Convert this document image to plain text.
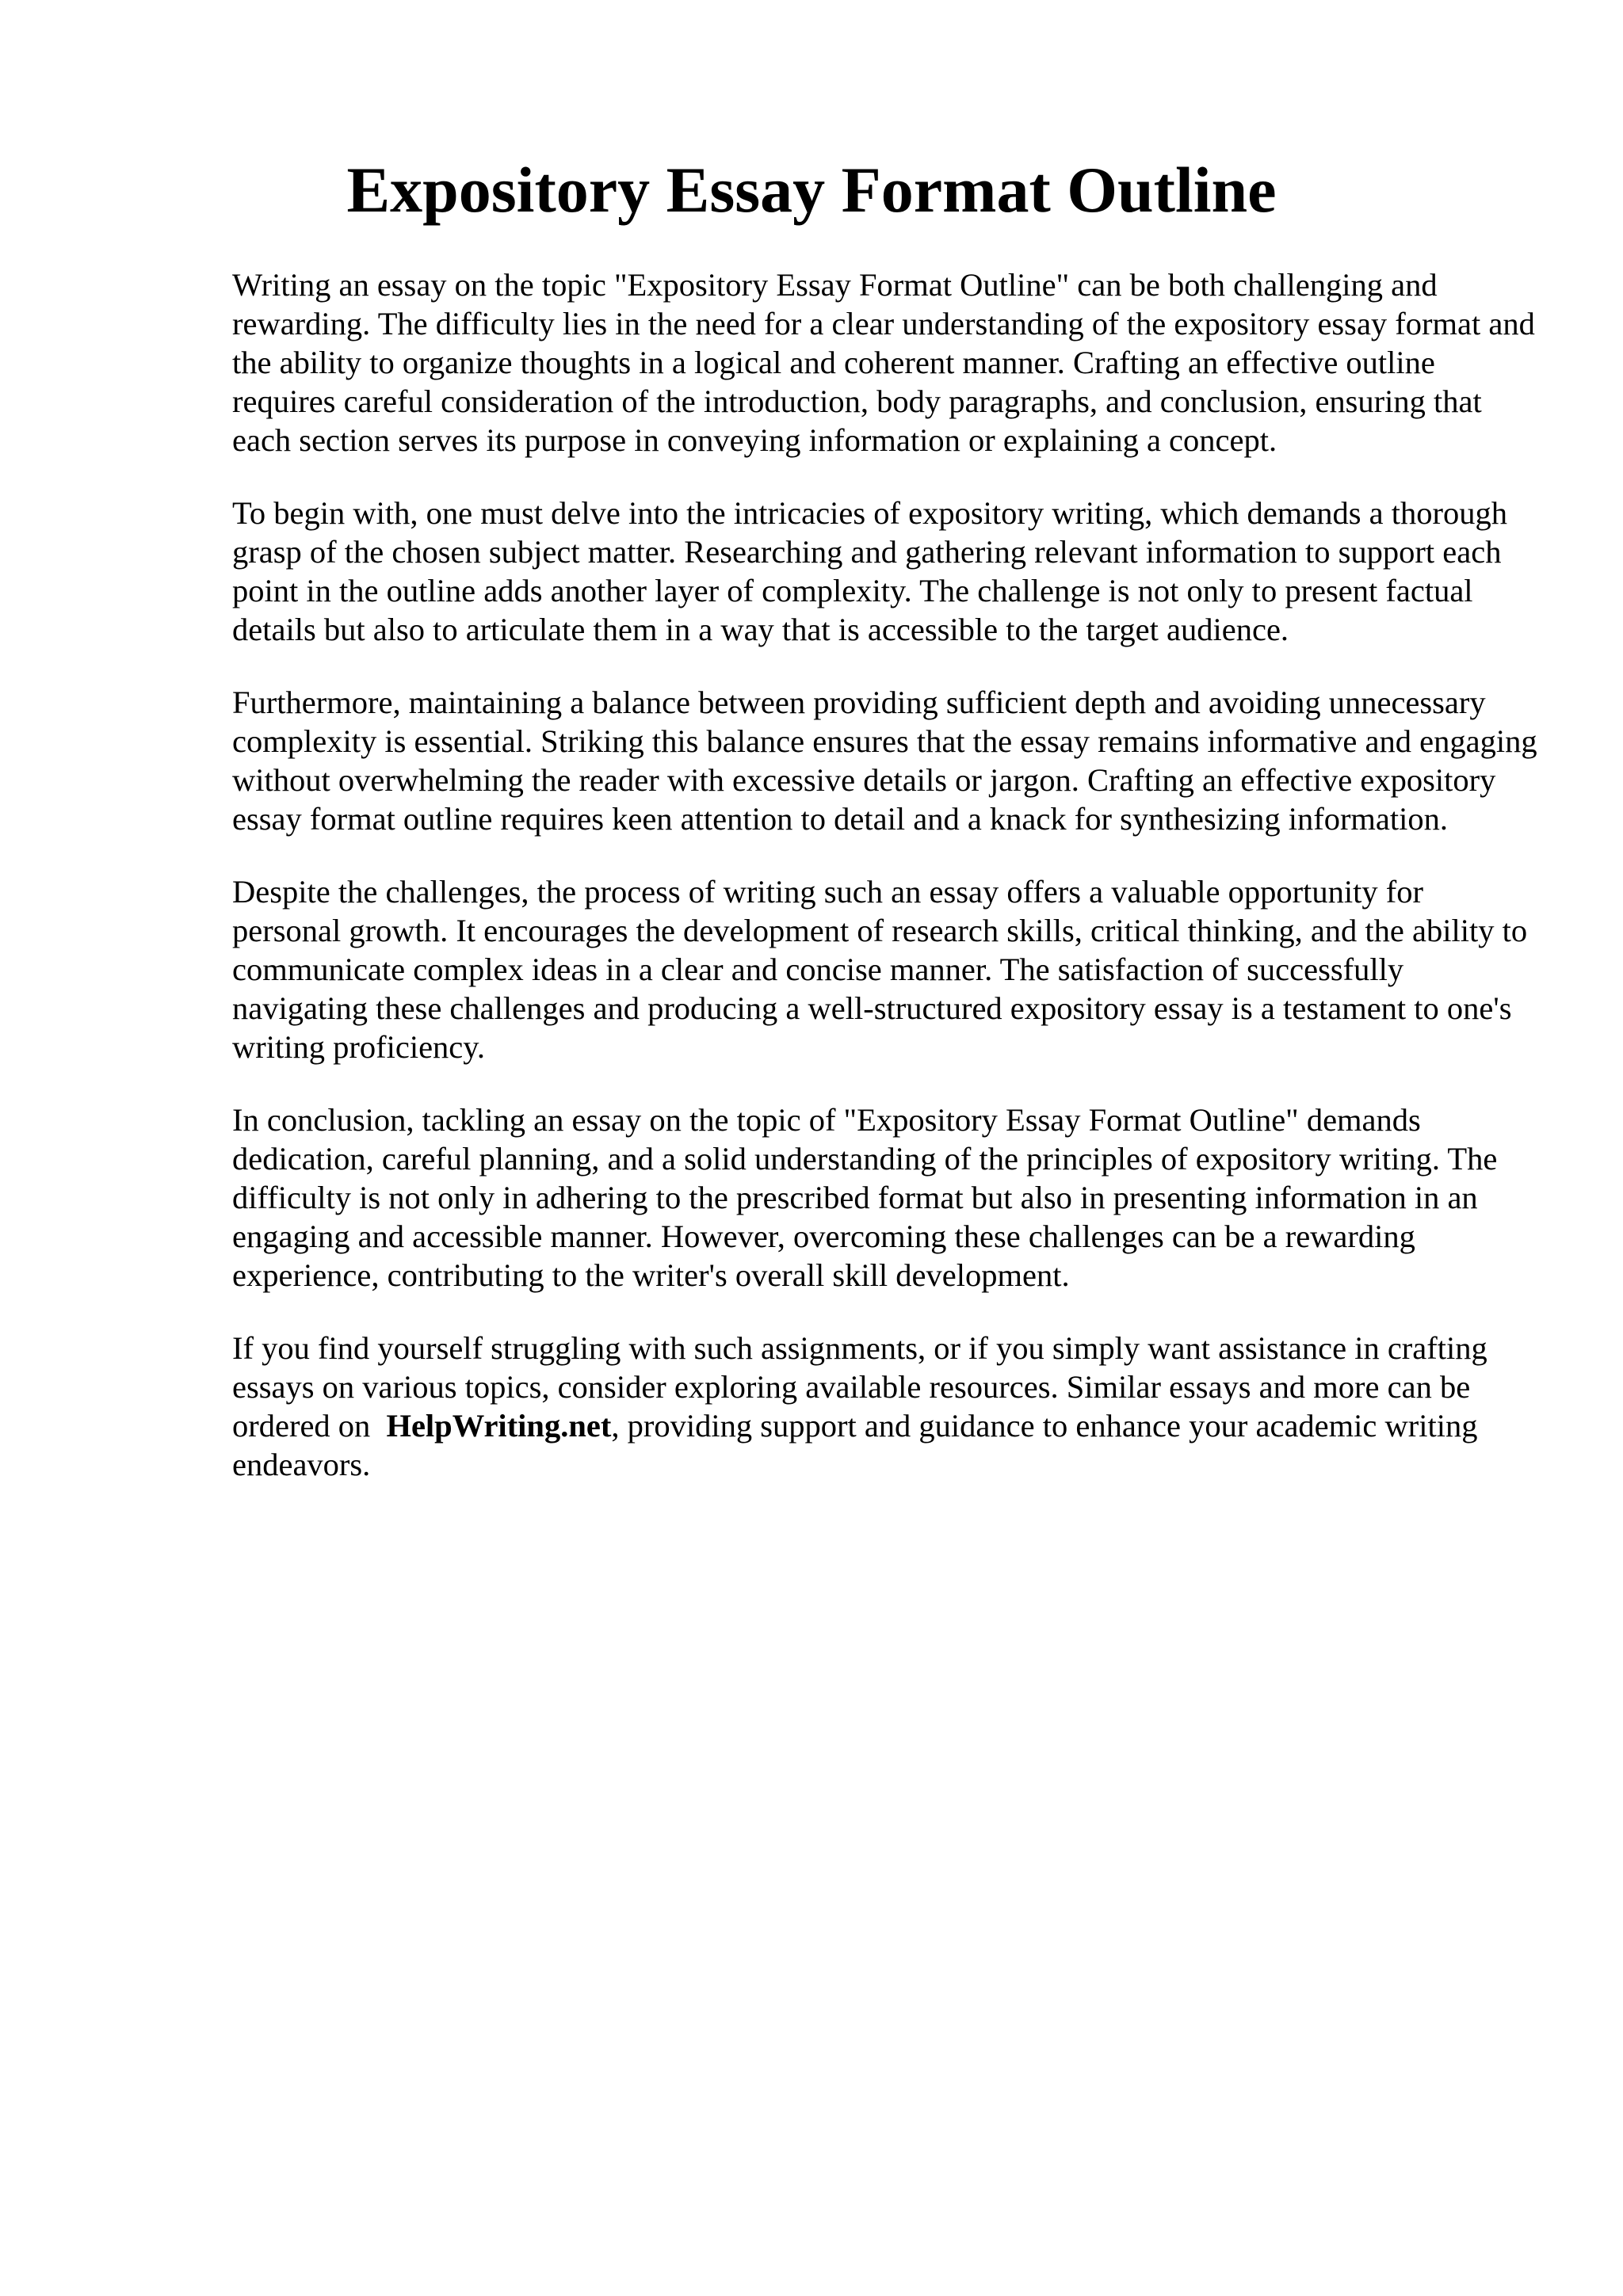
Expository Essay Format Outline

Writing an essay on the topic "Expository Essay Format Outline" can be both challenging and rewarding. The difficulty lies in the need for a clear understanding of the expository essay format and the ability to organize thoughts in a logical and coherent manner. Crafting an effective outline requires careful consideration of the introduction, body paragraphs, and conclusion, ensuring that each section serves its purpose in conveying information or explaining a concept.

To begin with, one must delve into the intricacies of expository writing, which demands a thorough grasp of the chosen subject matter. Researching and gathering relevant information to support each point in the outline adds another layer of complexity. The challenge is not only to present factual details but also to articulate them in a way that is accessible to the target audience.

Furthermore, maintaining a balance between providing sufficient depth and avoiding unnecessary complexity is essential. Striking this balance ensures that the essay remains informative and engaging without overwhelming the reader with excessive details or jargon. Crafting an effective expository essay format outline requires keen attention to detail and a knack for synthesizing information.

Despite the challenges, the process of writing such an essay offers a valuable opportunity for personal growth. It encourages the development of research skills, critical thinking, and the ability to communicate complex ideas in a clear and concise manner. The satisfaction of successfully navigating these challenges and producing a well-structured expository essay is a testament to one's writing proficiency.

In conclusion, tackling an essay on the topic of "Expository Essay Format Outline" demands dedication, careful planning, and a solid understanding of the principles of expository writing. The difficulty is not only in adhering to the prescribed format but also in presenting information in an engaging and accessible manner. However, overcoming these challenges can be a rewarding experience, contributing to the writer's overall skill development.

If you find yourself struggling with such assignments, or if you simply want assistance in crafting essays on various topics, consider exploring available resources. Similar essays and more can be ordered on HelpWriting.net, providing support and guidance to enhance your academic writing endeavors.
